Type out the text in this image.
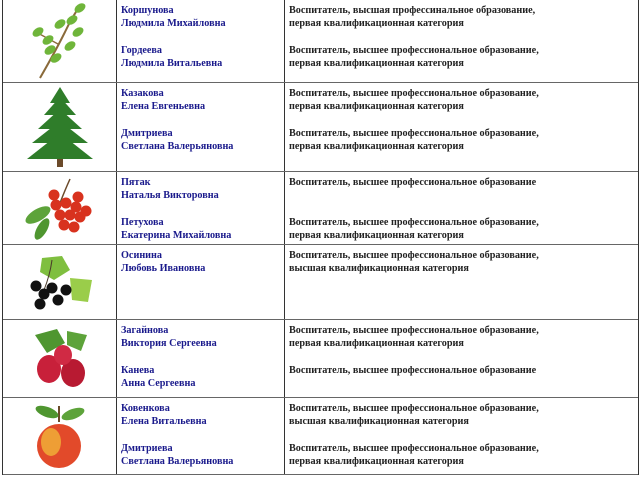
Коршунова
Людмила Михайловна
Гордеева
Людмила Витальевна
Воспитатель, высшая профессинальное образование,
первая квалификационная категория
Воспитатель, высшее профессиональное образование,
первая квалификационная категория
Казакова
Елена Евгеньевна
Дмитриева
Светлана Валерьяновна
Воспитатель, высшее профессиональное образование,
первая квалификационная категория
Воспитатель, высшее профессиональное образование,
первая квалификационная категория
Пятак
Наталья Викторовна
Петухова
Екатерина Михайловна
Воспитатель, высшее профессиональное образование
Воспитатель, высшее профессиональное образование,
первая квалификационная категория
Осинина
Любовь Ивановна
Воспитатель, высшее профессиональное образование,
высшая квалификационная категория
Загайнова
Виктория Сергеевна
Канева
Анна Сергеевна
Воспитатель, высшее профессиональное образование,
первая квалификационная категория
Воспитатель, высшее профессиональное образование
Ковенкова
Елена Витальевна
Дмитриева
Светлана Валерьяновна
Воспитатель, высшее профессиональное образование,
высшая квалификационная категория
Воспитатель, высшее профессиональное образование,
первая квалификационная категория
